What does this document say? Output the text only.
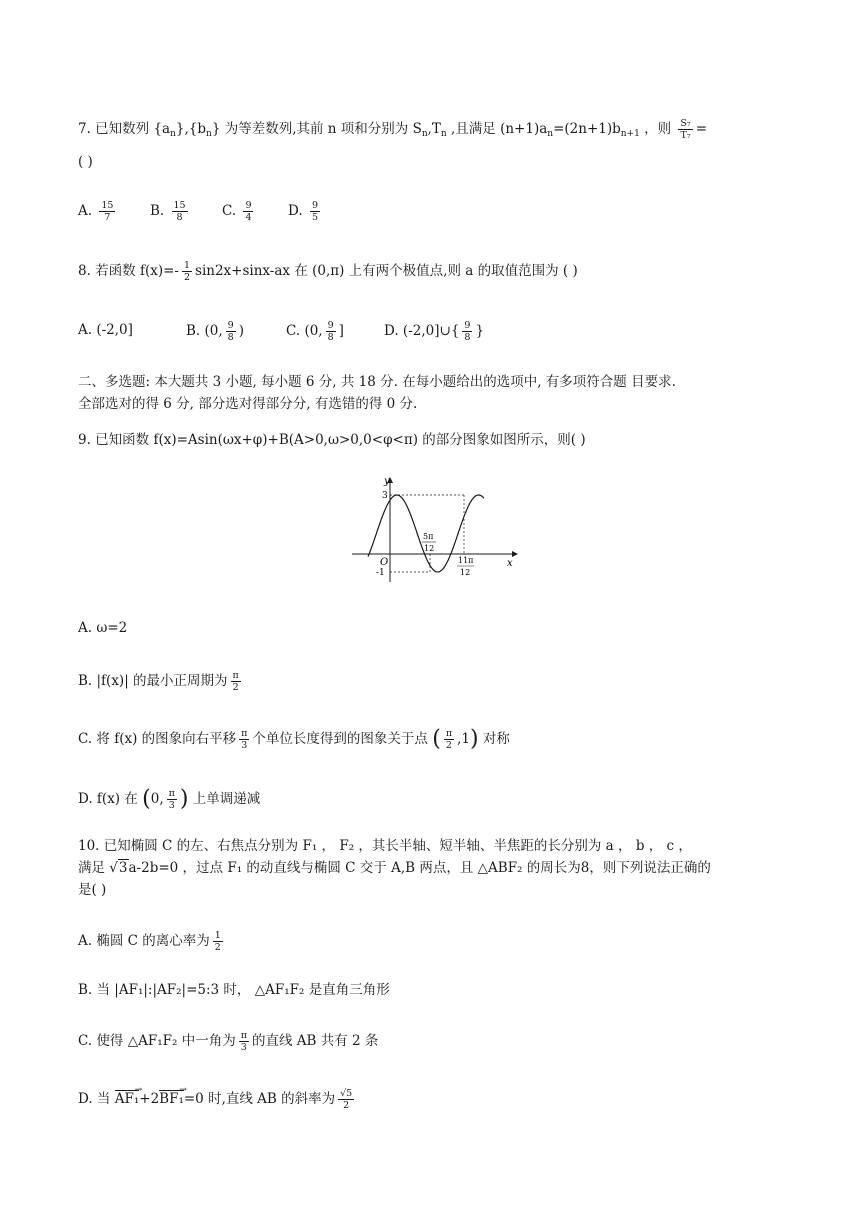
7. 已知数列 $\{a_n\},\{b_n\}$ 为等差数列,其前 n 项和分别为 $S_n,T_n$ ,且满足 $(n+1)a_n=(2n+1)b_{n+1}$ ，则 $\frac{\text{S₇}}{\text{T₇}}$ =
( )
A. $\frac{15}{7}$	B. $\frac{15}{8}$	C. $\frac{9}{4}$	D. $\frac{9}{5}$
8. 若函数 $f(x)=- \frac{1}{2} \sin 2x+\sin x-ax$ 在 (0,π) 上有两个极值点,则 a 的取值范围为 ( )
A. (-2,0]	B. (0, $\frac{9}{8}$ )	C. (0, $\frac{9}{8}$ ]	D. (-2,0]∪{ $\frac{9}{8}$ }
二、多选题: 本大题共 3 小题, 每小题 6 分, 共 18 分. 在每小题给出的选项中, 有多项符合题 目要求.
全部选对的得 6 分, 部分选对得部分分, 有选错的得 0 分.
9. 已知函数 f(x)=Asin(ωx+φ)+B(A>0,ω>0,0<φ<π) 的部分图象如图所示，则( )
y
x
O
3
-1
5π
12
11π
12
A. ω=2
B. |f(x)| 的最小正周期为 $\frac{\pi}{2}$
C. 将 f(x) 的图象向右平移 $\frac{\pi}{3}$ 个单位长度得到的图象关于点 ( $\frac{\pi}{2} ,1$) 对称
D. f(x) 在 (0, $\frac{\pi}{3}$ ) 上单调递减
10. 已知椭圆 C 的左、右焦点分别为 F₁ ， F₂ ，其长半轴、短半轴、半焦距的长分别为 a ， b ， c ，
满足 √3a-2b=0 ，过点 F₁ 的动直线与椭圆 C 交于 A,B 两点，且 △ABF₂ 的周长为8，则下列说法正确的
是( )
A. 椭圆 C 的离心率为 $\frac{1}{2}$
B. 当 |AF₁|:|AF₂|=5:3 时， △AF₁F₂ 是直角三角形
C. 使得 △AF₁F₂ 中一角为 $\frac{\pi}{3}$ 的直线 AB 共有 2 条
D. 当 AF₁ →+2BF₁ →=0 时,直线 AB 的斜率为 $\frac{√5}{2}$
